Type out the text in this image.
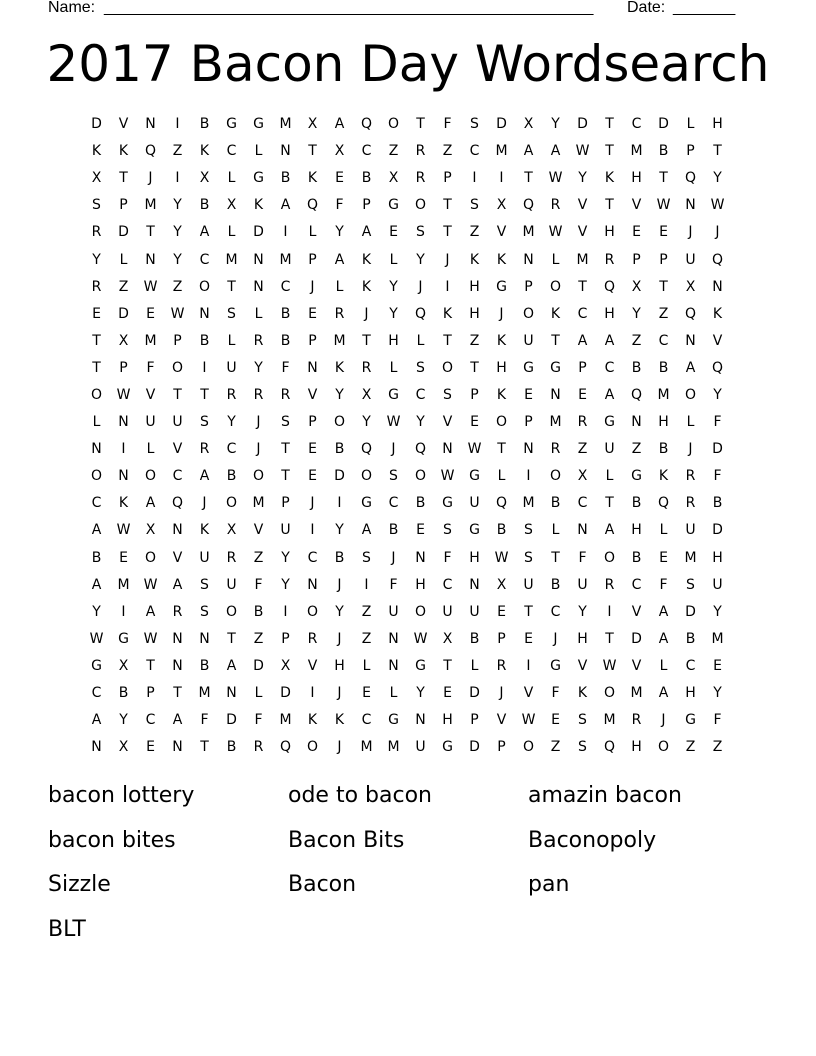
Name: _______________________________________________________ Date: _______
2017 Bacon Day Wordsearch
D	V	N	I	B	G	G	M	X	A	Q	O	T	F	S	D	X	Y	D	T	C	D	L	H
K	K	Q	Z	K	C	L	N	T	X	C	Z	R	Z	C	M	A	A	W	T	M	B	P	T
X	T	J	I	X	L	G	B	K	E	B	X	R	P	I	I	T	W	Y	K	H	T	Q	Y
S	P	M	Y	B	X	K	A	Q	F	P	G	O	T	S	X	Q	R	V	T	V	W	N	W
R	D	T	Y	A	L	D	I	L	Y	A	E	S	T	Z	V	M	W	V	H	E	E	J	J
Y	L	N	Y	C	M	N	M	P	A	K	L	Y	J	K	K	N	L	M	R	P	P	U	Q
R	Z	W	Z	O	T	N	C	J	L	K	Y	J	I	H	G	P	O	T	Q	X	T	X	N
E	D	E	W	N	S	L	B	E	R	J	Y	Q	K	H	J	O	K	C	H	Y	Z	Q	K
T	X	M	P	B	L	R	B	P	M	T	H	L	T	Z	K	U	T	A	A	Z	C	N	V
T	P	F	O	I	U	Y	F	N	K	R	L	S	O	T	H	G	G	P	C	B	B	A	Q
O	W	V	T	T	R	R	R	V	Y	X	G	C	S	P	K	E	N	E	A	Q	M	O	Y
L	N	U	U	S	Y	J	S	P	O	Y	W	Y	V	E	O	P	M	R	G	N	H	L	F
N	I	L	V	R	C	J	T	E	B	Q	J	Q	N	W	T	N	R	Z	U	Z	B	J	D
O	N	O	C	A	B	O	T	E	D	O	S	O	W	G	L	I	O	X	L	G	K	R	F
C	K	A	Q	J	O	M	P	J	I	G	C	B	G	U	Q	M	B	C	T	B	Q	R	B
A	W	X	N	K	X	V	U	I	Y	A	B	E	S	G	B	S	L	N	A	H	L	U	D
B	E	O	V	U	R	Z	Y	C	B	S	J	N	F	H	W	S	T	F	O	B	E	M	H
A	M	W	A	S	U	F	Y	N	J	I	F	H	C	N	X	U	B	U	R	C	F	S	U
Y	I	A	R	S	O	B	I	O	Y	Z	U	O	U	U	E	T	C	Y	I	V	A	D	Y
W	G	W	N	N	T	Z	P	R	J	Z	N	W	X	B	P	E	J	H	T	D	A	B	M
G	X	T	N	B	A	D	X	V	H	L	N	G	T	L	R	I	G	V	W	V	L	C	E
C	B	P	T	M	N	L	D	I	J	E	L	Y	E	D	J	V	F	K	O	M	A	H	Y
A	Y	C	A	F	D	F	M	K	K	C	G	N	H	P	V	W	E	S	M	R	J	G	F
N	X	E	N	T	B	R	Q	O	J	M	M	U	G	D	P	O	Z	S	Q	H	O	Z	Z
bacon lottery	ode to bacon	amazin bacon
bacon bites	Bacon Bits	Baconopoly
Sizzle	Bacon	pan
BLT
